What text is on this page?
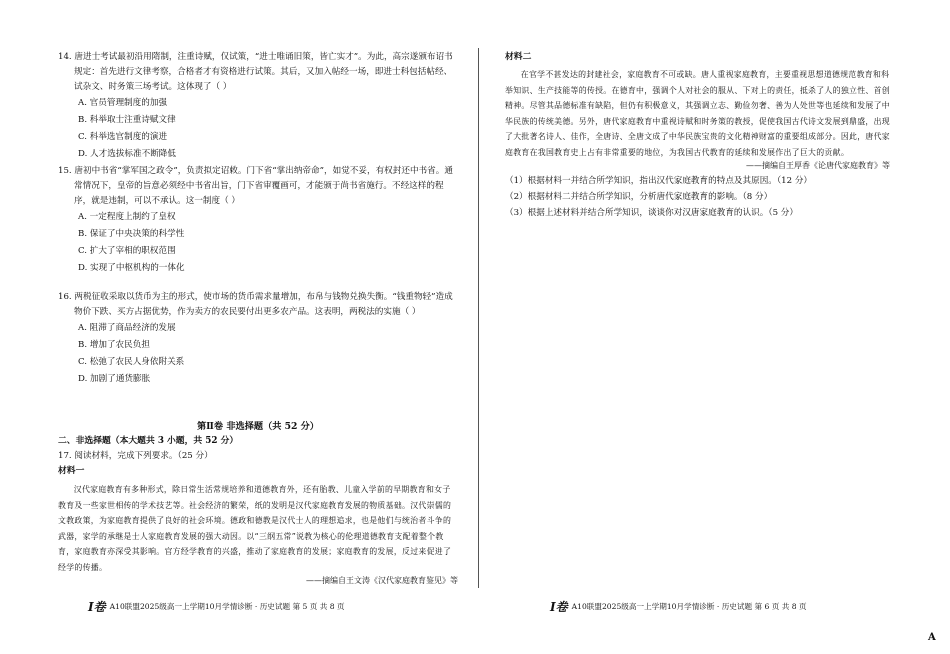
14. 唐进士考试最初沿用隋制，注重诗赋，仅试策，“进士唯诵旧策，皆亡实才”。为此，高宗遂颁布诏书规定：首先进行文律考察，合格者才有资格进行试策。其后，又加入帖经一场，即进士科包括帖经、试杂文、时务策三场考试。这体现了（ ）
A. 官员管理制度的加强
B. 科举取士注重诗赋文律
C. 科举选官制度的演进
D. 人才选拔标准不断降低
15. 唐初中书省“掌军国之政令”，负责拟定诏敕。门下省“掌出纳帝命”，如觉不妥，有权封还中书省。通常情况下，皇帝的旨意必须经中书省出旨，门下省审覆画可，才能颁于尚书省施行。不经这样的程序，就是违制，可以不承认。这一制度（ ）
A. 一定程度上制约了皇权
B. 保证了中央决策的科学性
C. 扩大了宰相的职权范围
D. 实现了中枢机构的一体化
16. 两税征收采取以货币为主的形式，使市场的货币需求量增加，布帛与钱物兑换失衡。“钱重物轻”造成物价下跌、买方占据优势，作为卖方的农民要付出更多农产品。这表明，两税法的实施（ ）
A. 阻滞了商品经济的发展
B. 增加了农民负担
C. 松弛了农民人身依附关系
D. 加剧了通货膨胀
第Ⅱ卷 非选择题（共 52 分）
二、非选择题（本大题共 3 小题，共 52 分）
17. 阅读材料，完成下列要求。（25 分）
材料一
汉代家庭教育有多种形式，除日常生活常规培养和道德教育外，还有胎教、儿童入学前的早期教育和女子教育及一些家世相传的学术技艺等。社会经济的繁荣，纸的发明是汉代家庭教育发展的物质基础。汉代崇儒的文教政策，为家庭教育提供了良好的社会环境。德政和德教是汉代士人的理想追求，也是他们与统治者斗争的武器，家学的承继是士人家庭教育发展的强大动因。以“三纲五常”说教为核心的伦理道德教育支配着整个教育，家庭教育亦深受其影响。官方经学教育的兴盛，推动了家庭教育的发展；家庭教育的发展，反过来促进了经学的传播。
——摘编自王文涛《汉代家庭教育鉴见》等
I卷 A10联盟2025级高一上学期10月学情诊断 · 历史试题 第 5 页 共 8 页
材料二
在官学不甚发达的封建社会，家庭教育不可或缺。唐人重视家庭教育，主要重视思想道德规范教育和科举知识、生产技能等的传授。在德育中，强调个人对社会的服从、下对上的责任，抵杀了人的独立性、首创精神。尽管其品德标准有缺陷，但仍有积极意义，其强调立志、勤俭勿奢、善为人处世等也延续和发展了中华民族的传统美德。另外，唐代家庭教育中重视诗赋和时务策的教授，促使我国古代诗文发展到鼎盛，出现了大批著名诗人、佳作，全唐诗、全唐文成了中华民族宝贵的文化精神财富的重要组成部分。因此，唐代家庭教育在我国教育史上占有非常重要的地位，为我国古代教育的延续和发展作出了巨大的贡献。
——摘编自王厚香《论唐代家庭教育》等
（1）根据材料一并结合所学知识，指出汉代家庭教育的特点及其原因。（12 分）
（2）根据材料二并结合所学知识，分析唐代家庭教育的影响。（8 分）
（3）根据上述材料并结合所学知识，谈谈你对汉唐家庭教育的认识。（5 分）
I卷 A10联盟2025级高一上学期10月学情诊断 · 历史试题 第 6 页 共 8 页
A
